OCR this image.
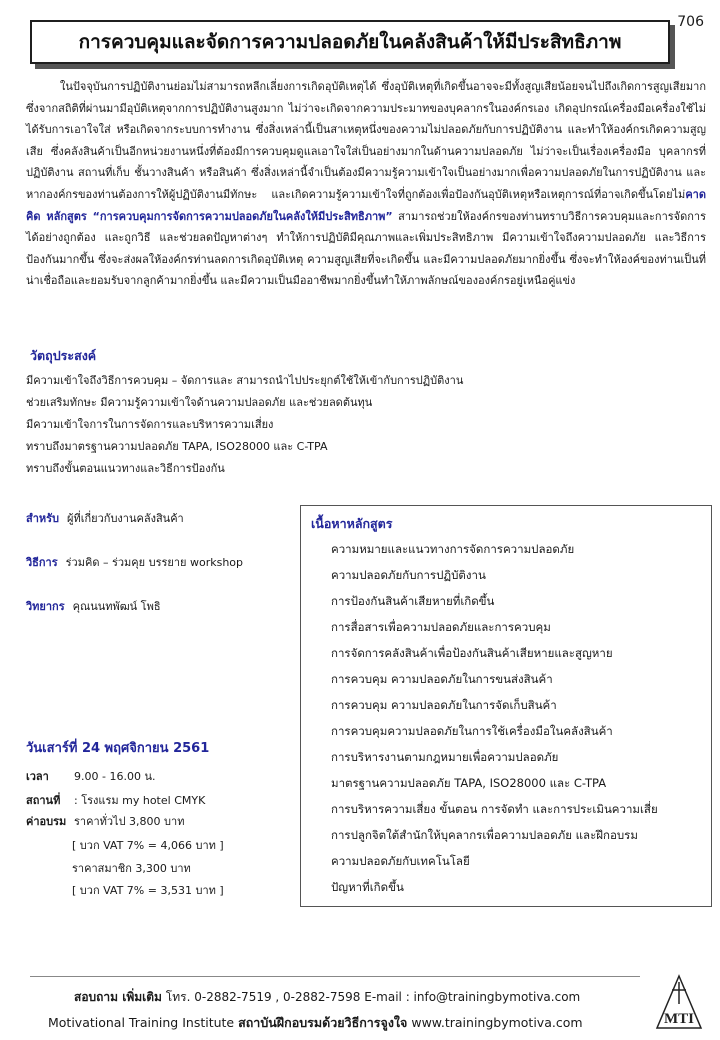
706
การควบคุมและจัดการความปลอดภัยในคลังสินค้าให้มีประสิทธิภาพ

ในปัจจุบันการปฏิบัติงานย่อมไม่สามารถหลีกเลี่ยงการเกิดอุบัติเหตุได้ ซึ่งอุบัติเหตุที่เกิดขึ้นอาจจะมีทั้งสูญเสียน้อยจนไปถึงเกิดการสูญเสียมาก ซึ่งจากสถิติที่ผ่านมามีอุบัติเหตุจากการปฏิบัติงานสูงมาก ไม่ว่าจะเกิดจากความประมาทของบุคลากรในองค์กรเอง เกิดอุปกรณ์เครื่องมือเครื่องใช้ไม่ได้รับการเอาใจใส่ หรือเกิดจากระบบการทำงาน ซึ่งสิ่งเหล่านี้เป็นสาเหตุหนึ่งของความไม่ปลอดภัยกับการปฏิบัติงาน และทำให้องค์กรเกิดความสูญเสีย ซึ่งคลังสินค้าเป็นอีกหน่วยงานหนึ่งที่ต้องมีการควบคุมดูแลเอาใจใส่เป็นอย่างมากในด้านความปลอดภัย ไม่ว่าจะเป็นเรื่องเครื่องมือ บุคลากรที่ปฏิบัติงาน สถานที่เก็บ ชั้นวางสินค้า หรือสินค้า ซึ่งสิ่งเหล่านี้จำเป็นต้องมีความรู้ความเข้าใจเป็นอย่างมากเพื่อความปลอดภัยในการปฏิบัติงาน และหากองค์กรของท่านต้องการให้ผู้ปฏิบัติงานมีทักษะ และเกิดความรู้ความเข้าใจที่ถูกต้องเพื่อป้องกันอุบัติเหตุหรือเหตุการณ์ที่อาจเกิดขึ้นโดยไม่คาดคิด หลักสูตร “การควบคุมการจัดการความปลอดภัยในคลังให้มีประสิทธิภาพ” สามารถช่วยให้องค์กรของท่านทราบวิธีการควบคุมและการจัดการได้อย่างถูกต้อง และถูกวิธี และช่วยลดปัญหาต่างๆ ทำให้การปฏิบัติมีคุณภาพและเพิ่มประสิทธิภาพ มีความเข้าใจถึงความปลอดภัย และวิธีการป้องกันมากขึ้น ซึ่งจะส่งผลให้องค์กรท่านลดการเกิดอุบัติเหตุ ความสูญเสียที่จะเกิดขึ้น และมีความปลอดภัยมากยิ่งขึ้น ซึ่งจะทำให้องค์ของท่านเป็นที่น่าเชื่อถือและยอมรับจากลูกค้ามากยิ่งขึ้น และมีความเป็นมืออาชีพมากยิ่งขึ้นทำให้ภาพลักษณ์ขององค์กรอยู่เหนือคู่แข่ง

วัตถุประสงค์
มีความเข้าใจถึงวิธีการควบคุม – จัดการและ สามารถนำไปประยุกต์ใช้ให้เข้ากับการปฏิบัติงาน
ช่วยเสริมทักษะ มีความรู้ความเข้าใจด้านความปลอดภัย และช่วยลดต้นทุน
มีความเข้าใจการในการจัดการและบริหารความเสี่ยง
ทราบถึงมาตรฐานความปลอดภัย TAPA, ISO28000 และ C-TPA
ทราบถึงขั้นตอนแนวทางและวิธีการป้องกัน
สำหรับ ผู้ที่เกี่ยวกับงานคลังสินค้า
วิธีการ ร่วมคิด – ร่วมคุย บรรยาย workshop
วิทยากร คุณนนทพัฒน์ โพธิ
เนื้อหาหลักสูตร
ความหมายและแนวทางการจัดการความปลอดภัย
ความปลอดภัยกับการปฏิบัติงาน
การป้องกันสินค้าเสียหายที่เกิดขึ้น
การสื่อสารเพื่อความปลอดภัยและการควบคุม
การจัดการคลังสินค้าเพื่อป้องกันสินค้าเสียหายและสูญหาย
การควบคุม ความปลอดภัยในการขนส่งสินค้า
การควบคุม ความปลอดภัยในการจัดเก็บสินค้า
การควบคุมความปลอดภัยในการใช้เครื่องมือในคลังสินค้า
การบริหารงานตามกฎหมายเพื่อความปลอดภัย
มาตรฐานความปลอดภัย TAPA, ISO28000 และ C-TPA
การบริหารความเสี่ยง ขั้นตอน การจัดทำ และการประเมินความเสี่ย
การปลูกจิตใต้สำนักให้บุคลากรเพื่อความปลอดภัย และฝึกอบรม
ความปลอดภัยกับเทคโนโลยี
ปัญหาที่เกิดขึ้น
วันเสาร์ที่ 24 พฤศจิกายน 2561
เวลา 9.00 - 16.00 น.
สถานที่ : โรงแรม my hotel CMYK
ค่าอบรม ราคาทั่วไป 3,800 บาท
[ บวก VAT 7% = 4,066 บาท ]
ราคาสมาชิก 3,300 บาท
[ บวก VAT 7% = 3,531 บาท ]
สอบถาม เพิ่มเติม โทร. 0-2882-7519 , 0-2882-7598 E-mail : info@trainingbymotiva.com
Motivational Training Institute สถาบันฝึกอบรมด้วยวิธีการจูงใจ www.trainingbymotiva.com	MTI
